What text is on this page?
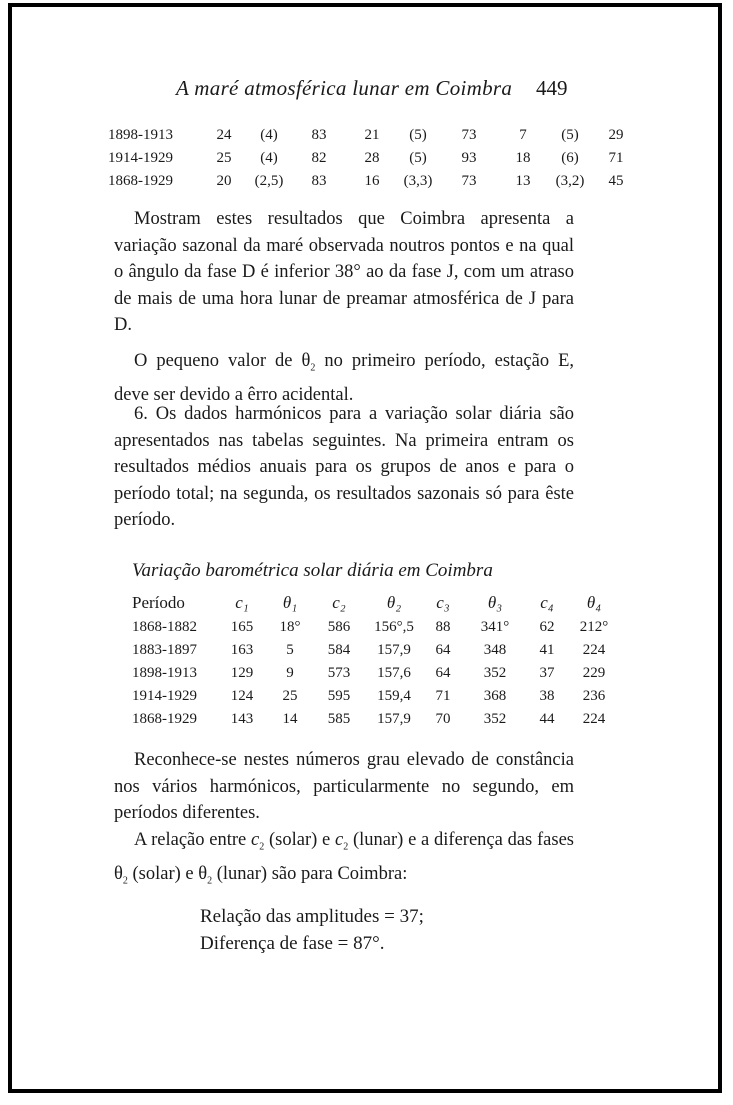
A maré atmosférica lunar em Coimbra 449
1898-1913	24	(4)	83	21	(5)	73	7	(5)	29
1914-1929	25	(4)	82	28	(5)	93	18	(6)	71
1868-1929	20	(2,5)	83	16	(3,3)	73	13	(3,2)	45
Mostram estes resultados que Coimbra apresenta a variação sazonal da maré observada noutros pontos e na qual o ângulo da fase D é inferior 38° ao da fase J, com um atraso de mais de uma hora lunar de preamar atmosférica de J para D.
O pequeno valor de $\theta_2$ no primeiro período, estação E, deve ser devido a êrro acidental.
6. Os dados harmónicos para a variação solar diária são apresentados nas tabelas seguintes. Na primeira entram os resultados médios anuais para os grupos de anos e para o período total; na segunda, os resultados sazonais só para êste período.
Variação barométrica solar diária em Coimbra
Período	c₁	θ₁	c₂	θ₂	c₃	θ₃	c₄	θ₄
1868-1882	165	18°	586	156°,5	88	341°	62	212°
1883-1897	163	5	584	157,9	64	348	41	224
1898-1913	129	9	573	157,6	64	352	37	229
1914-1929	124	25	595	159,4	71	368	38	236
1868-1929	143	14	585	157,9	70	352	44	224
Reconhece-se nestes números grau elevado de constância nos vários harmónicos, particularmente no segundo, em períodos diferentes.
A relação entre $c_2$ (solar) e $c_2$ (lunar) e a diferença das fases $\theta_2$ (solar) e $\theta_2$ (lunar) são para Coimbra:
Relação das amplitudes = 37;
Diferença de fase = 87°.
